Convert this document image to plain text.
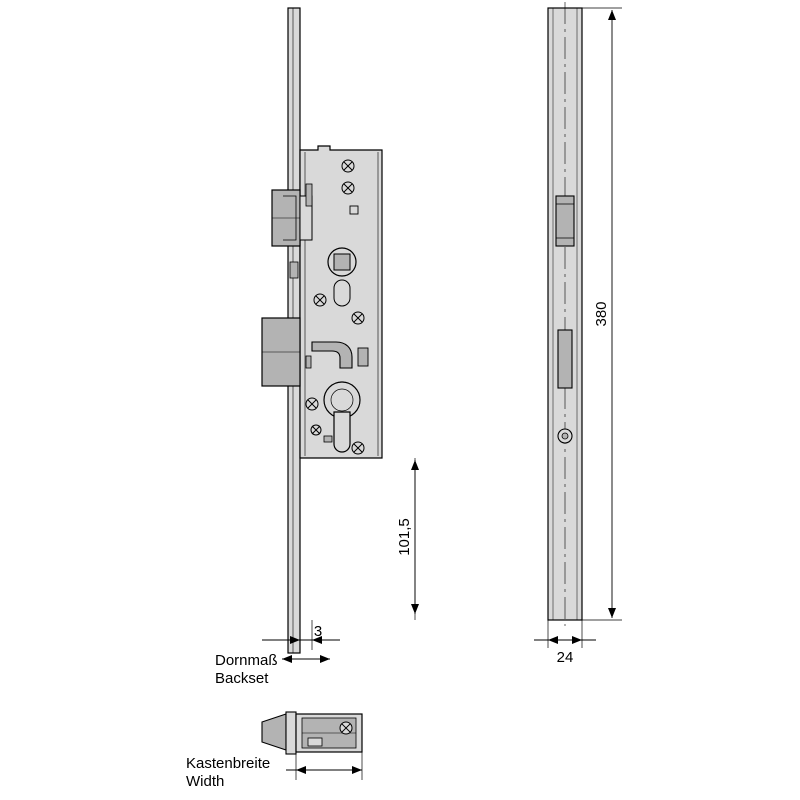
101,5
3
Dornmaß
Backset
380
24
Kastenbreite
Width
